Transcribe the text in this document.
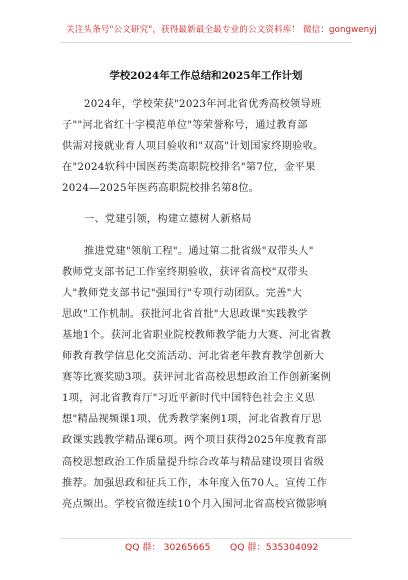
关注头条号"公文研究"，获得最新最全最专业的公文资料库！ 微信：gongwenyj
学校2024年工作总结和2025年工作计划
2024年，学校荣获"2023年河北省优秀高校领导班
子""河北省红十字模范单位"等荣誉称号，通过教育部
供需对接就业育人项目验收和"双高"计划国家终期验收。
在"2024软科中国医药类高职院校排名"第7位，金平果
2024—2025年医药高职院校排名第8位。
一、党建引领，构建立德树人新格局
推进党建"领航工程"。通过第二批省级"双带头人"
教师党支部书记工作室终期验收，获评省高校"双带头
人"教师党支部书记"强国行"专项行动团队。完善"大
思政"工作机制。获批河北省首批"大思政课"实践教学
基地1个。获河北省职业院校教师教学能力大赛、河北省教
师教育教学信息化交流活动、河北省老年教育教学创新大
赛等比赛奖励3项。获评河北省高校思想政治工作创新案例
1项，河北省教育厅"习近平新时代中国特色社会主义思
想"精品视频课1项、优秀教学案例1项，河北省教育厅思
政课实践教学精品课6项。两个项目获得2025年度教育部
高校思想政治工作质量提升综合改革与精品建设项目省级
推荐。加强思政和征兵工作，本年度入伍70人。宣传工作
亮点频出。学校官微连续10个月入围河北省高校官微影响
QQ 群： 30265665 QQ 群：535304092
